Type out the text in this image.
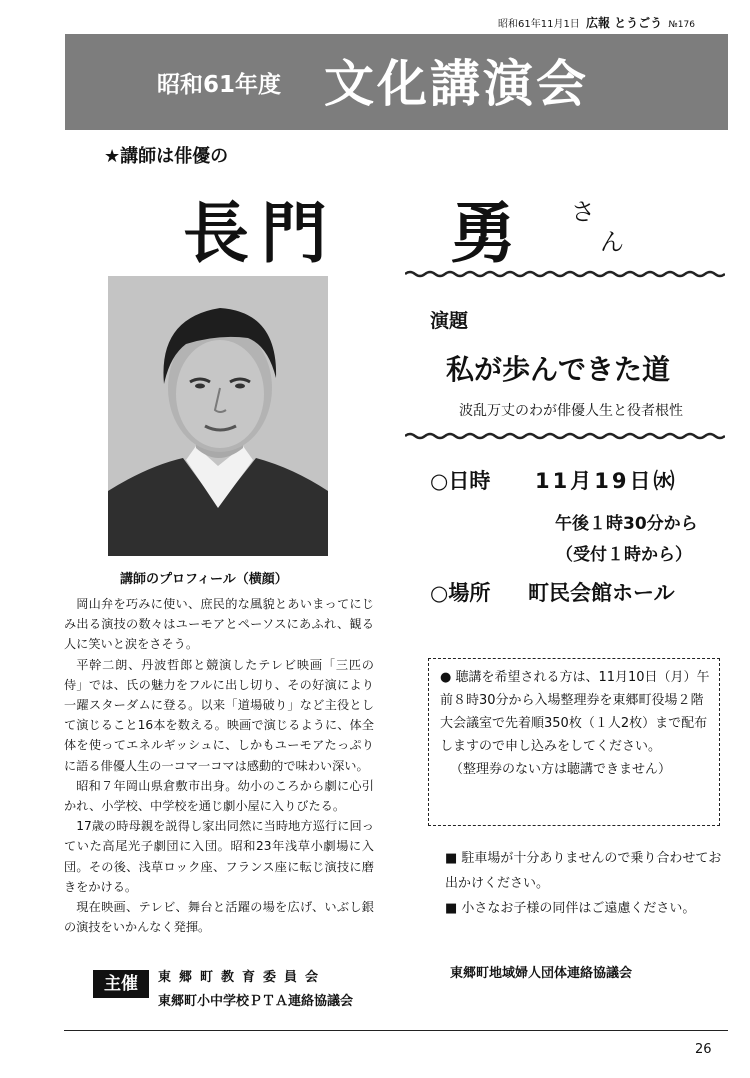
昭和61年11月1日 広報 とうごう №176
昭和61年度 文化講演会
★講師は俳優の
長 門 勇 さ
ん
講師のプロフィール（横顔）

岡山弁を巧みに使い、庶民的な風貌とあいまってにじみ出る演技の数々はユーモアとペーソスにあふれ、観る人に笑いと涙をさそう。

平幹二朗、丹波哲郎と競演したテレビ映画「三匹の侍」では、氏の魅力をフルに出し切り、その好演により一躍スターダムに登る。以来「道場破り」など主役として演じること16本を数える。映画で演じるように、体全体を使ってエネルギッシュに、しかもユーモアたっぷりに語る俳優人生の一コマ一コマは感動的で味わい深い。

昭和７年岡山県倉敷市出身。幼小のころから劇に心引かれ、小学校、中学校を通じ劇小屋に入りびたる。

17歳の時母親を説得し家出同然に当時地方巡行に回っていた高尾光子劇団に入団。昭和23年浅草小劇場に入団。その後、浅草ロック座、フランス座に転じ演技に磨きをかける。

現在映画、テレビ、舞台と活躍の場を広げ、いぶし銀の演技をいかんなく発揮。

主催	東郷町教育委員会
東郷町小中学校ＰＴＡ連絡協議会
演題
私が歩んできた道
波乱万丈のわが俳優人生と役者根性
○日時 11月19日㈬
午後１時30分から
（受付１時から）
○場所 町民会館ホール
● 聴講を希望される方は、11月10日（月）午前８時30分から入場整理券を東郷町役場２階大会議室で先着順350枚（１人2枚）まで配布しますので申し込みをしてください。
（整理券のない方は聴講できません）
■ 駐車場が十分ありませんので乗り合わせてお出かけください。
■ 小さなお子様の同伴はご遠慮ください。
東郷町地域婦人団体連絡協議会
26
